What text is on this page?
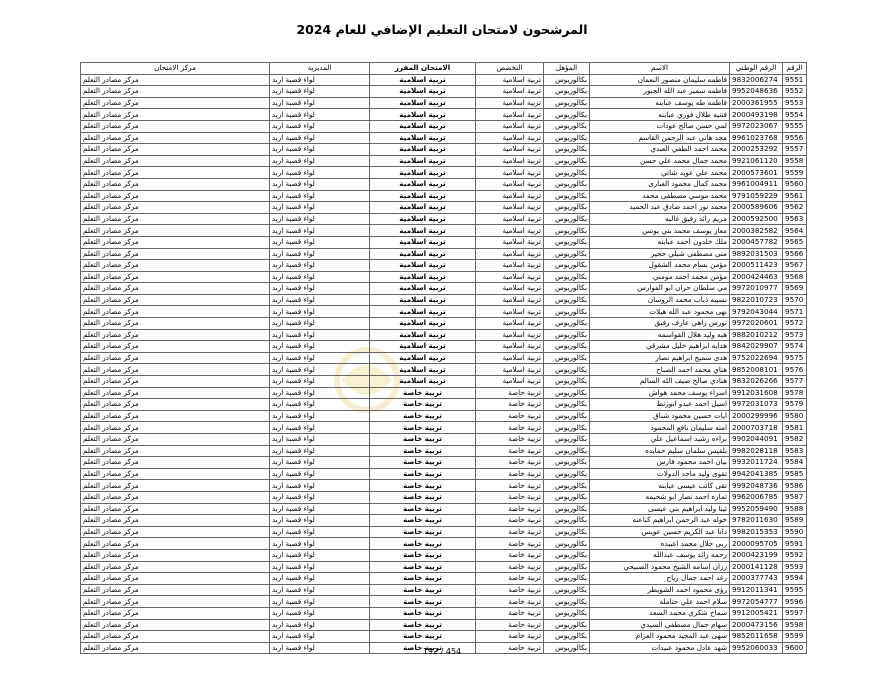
المرشحون لامتحان التعليم الإضافي للعام 2024
الرقم	الرقم الوطني	الاسم	المؤهل	التخصص	الامتحان المقرر	المديرية	مركز الامتحان
9551	9832006274	فاطمه سليمان منصور النعمان	بكالوريوس	تربية اسلامية	تربية اسلامية	لواء قصبة اربد	مركز مصادر التعلم
9552	9952048636	فاطمه سمير عبد الله الجبور	بكالوريوس	تربية اسلامية	تربية اسلامية	لواء قصبة اربد	مركز مصادر التعلم
9553	2000361955	فاطمه طه يوسف عبابنه	بكالوريوس	تربية اسلامية	تربية اسلامية	لواء قصبة اربد	مركز مصادر التعلم
9554	2000493198	فتنيه طلال فوزي عبابنه	بكالوريوس	تربية اسلامية	تربية اسلامية	لواء قصبة اربد	مركز مصادر التعلم
9555	9972023067	لمي حسن صالح عودات	بكالوريوس	تربية اسلامية	تربية اسلامية	لواء قصبة اربد	مركز مصادر التعلم
9556	9961023768	مجد هاني عبد الرحمن القاسم	بكالوريوس	تربية اسلامية	تربية اسلامية	لواء قصبة اربد	مركز مصادر التعلم
9557	2000253292	محمد احمد الطفي العبدي	بكالوريوس	تربية اسلامية	تربية اسلامية	لواء قصبة اربد	مركز مصادر التعلم
9558	9921061120	محمد جمال محمد علي حسن	بكالوريوس	تربية اسلامية	تربية اسلامية	لواء قصبة اربد	مركز مصادر التعلم
9559	2000573601	محمد علي عويد شاتي	بكالوريوس	تربية اسلامية	تربية اسلامية	لواء قصبة اربد	مركز مصادر التعلم
9560	9961004911	محمد كمال محمود الغبارى	بكالوريوس	تربية اسلامية	تربية اسلامية	لواء قصبة اربد	مركز مصادر التعلم
9561	9791059229	محمد موسي مصطفى محمد	بكالوريوس	تربية اسلامية	تربية اسلامية	لواء قصبة اربد	مركز مصادر التعلم
9562	2000589606	محمد نور احمد صادق عبد الحميد	بكالوريوس	تربية اسلامية	تربية اسلامية	لواء قصبة اربد	مركز مصادر التعلم
9563	2000592500	مريم رائد رفيق غالبه	بكالوريوس	تربية اسلامية	تربية اسلامية	لواء قصبة اربد	مركز مصادر التعلم
9564	2000382582	معاز يوسف محمد بني يونس	بكالوريوس	تربية اسلامية	تربية اسلامية	لواء قصبة اربد	مركز مصادر التعلم
9565	2000457782	ملك خلدون احمد عبابنه	بكالوريوس	تربية اسلامية	تربية اسلامية	لواء قصبة اربد	مركز مصادر التعلم
9566	9892031503	منى مصطفى شبلي حجير	بكالوريوس	تربية اسلامية	تربية اسلامية	لواء قصبة اربد	مركز مصادر التعلم
9567	2000511423	مؤمن بسام محمد الشقول	بكالوريوس	تربية اسلامية	تربية اسلامية	لواء قصبة اربد	مركز مصادر التعلم
9568	2000424463	مؤمن محمد احمد مومني	بكالوريوس	تربية اسلامية	تربية اسلامية	لواء قصبة اربد	مركز مصادر التعلم
9569	9972010977	مي سلطان حران ابو الفوارس	بكالوريوس	تربية اسلامية	تربية اسلامية	لواء قصبة اربد	مركز مصادر التعلم
9570	9822010723	نسيبه ذياب محمد الروسان	بكالوريوس	تربية اسلامية	تربية اسلامية	لواء قصبة اربد	مركز مصادر التعلم
9571	9792043044	نهى محمود عبد الله هيلات	بكالوريوس	تربية اسلامية	تربية اسلامية	لواء قصبة اربد	مركز مصادر التعلم
9572	9972020601	نورس زاهي عارف رفيق	بكالوريوس	تربية اسلامية	تربية اسلامية	لواء قصبة اربد	مركز مصادر التعلم
9573	9882010212	هبه وليد هلال القواسمه	بكالوريوس	تربية اسلامية	تربية اسلامية	لواء قصبة اربد	مركز مصادر التعلم
9574	9842029907	هدايه ابراهيم خليل مشرقي	بكالوريوس	تربية اسلامية	تربية اسلامية	لواء قصبة اربد	مركز مصادر التعلم
9575	9752022694	هدى سميح ابراهيم نصار	بكالوريوس	تربية اسلامية	تربية اسلامية	لواء قصبة اربد	مركز مصادر التعلم
9576	9852008101	هناي محمد احمد الصباح	بكالوريوس	تربية اسلامية	تربية اسلامية	لواء قصبة اربد	مركز مصادر التعلم
9577	9832026266	هنادي صالح ضيف الله السالم	بكالوريوس	تربية اسلامية	تربية اسلامية	لواء قصبة اربد	مركز مصادر التعلم
9578	9912031608	اسراء يوسف محمد هواش	بكالوريوس	تربية خاصة	تربية خاصة	لواء قصبة اربد	مركز مصادر التعلم
9579	9972031073	اسيل احمد عبدو ابوزنط	بكالوريوس	تربية خاصة	تربية خاصة	لواء قصبة اربد	مركز مصادر التعلم
9580	2000299996	ايات حسين محمود شناق	بكالوريوس	تربية خاصة	تربية خاصة	لواء قصبة اربد	مركز مصادر التعلم
9581	2000703718	امنه سليمان نافع المحمود	بكالوريوس	تربية خاصة	تربية خاصة	لواء قصبة اربد	مركز مصادر التعلم
9582	9902044091	براءه رشيد اسماعيل علي	بكالوريوس	تربية خاصة	تربية خاصة	لواء قصبة اربد	مركز مصادر التعلم
9583	9982028118	بلقيس سلمان سليم حمايده	بكالوريوس	تربية خاصة	تربية خاصة	لواء قصبة اربد	مركز مصادر التعلم
9584	9932011724	بيان احمد محمود فارس	بكالوريوس	تربية خاصة	تربية خاصة	لواء قصبة اربد	مركز مصادر التعلم
9585	9942041385	تقوى وليد ماجد الدولات	بكالوريوس	تربية خاصة	تربية خاصة	لواء قصبة اربد	مركز مصادر التعلم
9586	9992048736	تقى كاتب عيسى عبابنه	بكالوريوس	تربية خاصة	تربية خاصة	لواء قصبة اربد	مركز مصادر التعلم
9587	9962006785	تماره احمد نصار ابو شحيمه	بكالوريوس	تربية خاصة	تربية خاصة	لواء قصبة اربد	مركز مصادر التعلم
9588	9952059490	ثينا وليد ابراهيم بني عيسى	بكالوريوس	تربية خاصة	تربية خاصة	لواء قصبة اربد	مركز مصادر التعلم
9589	9782011630	خوله عبد الرحمن ابراهيم كناعنه	بكالوريوس	تربية خاصة	تربية خاصة	لواء قصبة اربد	مركز مصادر التعلم
9590	9982015353	دانا عبد الكريم حسين عويس	بكالوريوس	تربية خاصة	تربية خاصة	لواء قصبة اربد	مركز مصادر التعلم
9591	2000095705	ربى جلال محمد اغبيده	بكالوريوس	تربية خاصة	تربية خاصة	لواء قصبة اربد	مركز مصادر التعلم
9592	2000423199	رحمه رائد يوسف عبدالله	بكالوريوس	تربية خاصة	تربية خاصة	لواء قصبة اربد	مركز مصادر التعلم
9593	2000141128	رزان اسامه الشيخ محمود الصبيحي	بكالوريوس	تربية خاصة	تربية خاصة	لواء قصبة اربد	مركز مصادر التعلم
9594	2000377743	رغد احمد جمال رياح	بكالوريوس	تربية خاصة	تربية خاصة	لواء قصبة اربد	مركز مصادر التعلم
9595	9912011341	رؤى محمود احمد الشويطر	بكالوريوس	تربية خاصة	تربية خاصة	لواء قصبة اربد	مركز مصادر التعلم
9596	9972054777	سلام احمد علي حتامله	بكالوريوس	تربية خاصة	تربية خاصة	لواء قصبة اربد	مركز مصادر التعلم
9597	9912005421	سماح شكري محمد السعد	بكالوريوس	تربية خاصة	تربية خاصة	لواء قصبة اربد	مركز مصادر التعلم
9598	2000473156	سهام جمال مصطفى السيدي	بكالوريوس	تربية خاصة	تربية خاصة	لواء قصبة اربد	مركز مصادر التعلم
9599	9852011658	سهى عبد المجيد محمود العزام	بكالوريوس	تربية خاصة	تربية خاصة	لواء قصبة اربد	مركز مصادر التعلم
9600	9952060033	شهد عادل محمود عبيدات	بكالوريوس	تربية خاصة	تربية خاصة	لواء قصبة اربد	مركز مصادر التعلم	192 / 454
